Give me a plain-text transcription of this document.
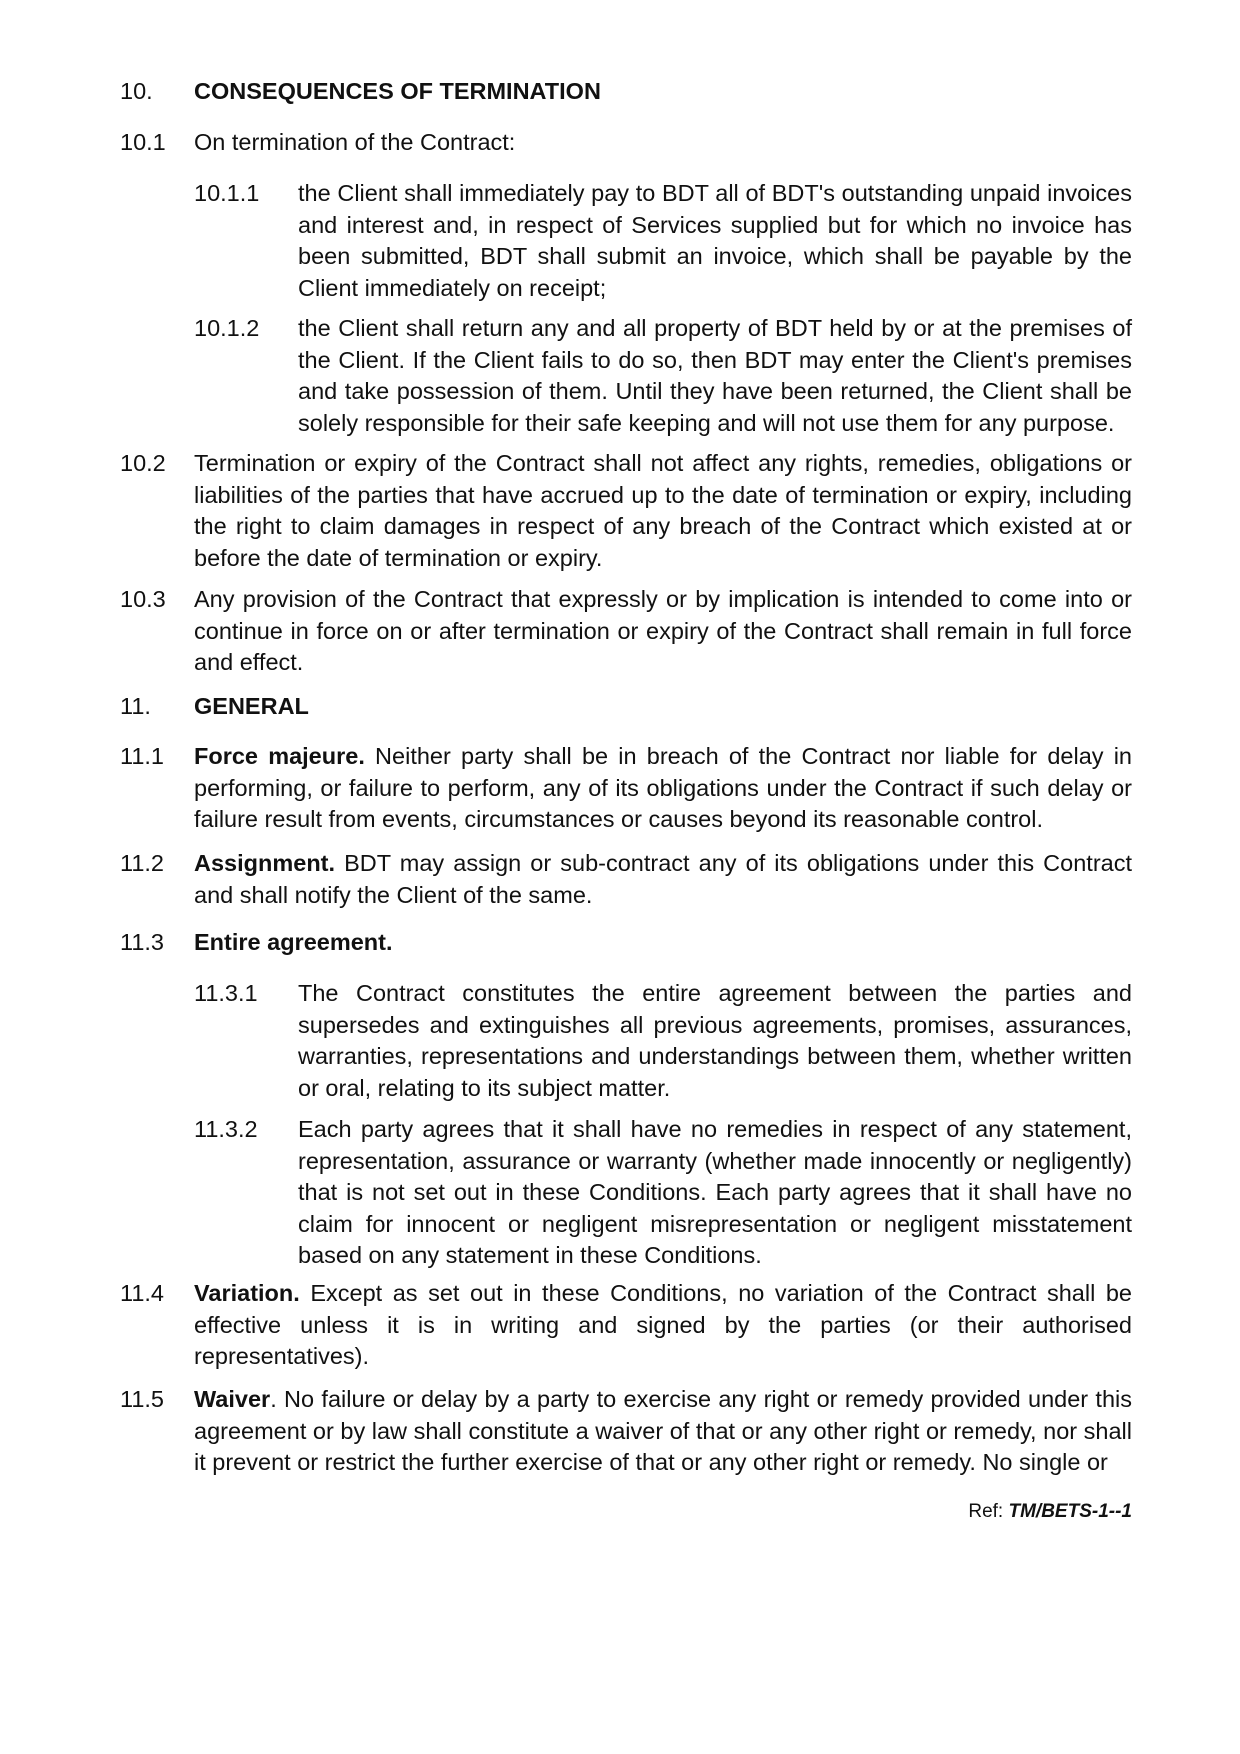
10. CONSEQUENCES OF TERMINATION
10.1 On termination of the Contract:
10.1.1 the Client shall immediately pay to BDT all of BDT's outstanding unpaid invoices and interest and, in respect of Services supplied but for which no invoice has been submitted, BDT shall submit an invoice, which shall be payable by the Client immediately on receipt;
10.1.2 the Client shall return any and all property of BDT held by or at the premises of the Client. If the Client fails to do so, then BDT may enter the Client's premises and take possession of them. Until they have been returned, the Client shall be solely responsible for their safe keeping and will not use them for any purpose.
10.2 Termination or expiry of the Contract shall not affect any rights, remedies, obligations or liabilities of the parties that have accrued up to the date of termination or expiry, including the right to claim damages in respect of any breach of the Contract which existed at or before the date of termination or expiry.
10.3 Any provision of the Contract that expressly or by implication is intended to come into or continue in force on or after termination or expiry of the Contract shall remain in full force and effect.
11. GENERAL
11.1 Force majeure. Neither party shall be in breach of the Contract nor liable for delay in performing, or failure to perform, any of its obligations under the Contract if such delay or failure result from events, circumstances or causes beyond its reasonable control.
11.2 Assignment. BDT may assign or sub-contract any of its obligations under this Contract and shall notify the Client of the same.
11.3 Entire agreement.
11.3.1 The Contract constitutes the entire agreement between the parties and supersedes and extinguishes all previous agreements, promises, assurances, warranties, representations and understandings between them, whether written or oral, relating to its subject matter.
11.3.2 Each party agrees that it shall have no remedies in respect of any statement, representation, assurance or warranty (whether made innocently or negligently) that is not set out in these Conditions. Each party agrees that it shall have no claim for innocent or negligent misrepresentation or negligent misstatement based on any statement in these Conditions.
11.4 Variation. Except as set out in these Conditions, no variation of the Contract shall be effective unless it is in writing and signed by the parties (or their authorised representatives).
11.5 Waiver. No failure or delay by a party to exercise any right or remedy provided under this agreement or by law shall constitute a waiver of that or any other right or remedy, nor shall it prevent or restrict the further exercise of that or any other right or remedy. No single or
Ref: TM/BETS-1--1
